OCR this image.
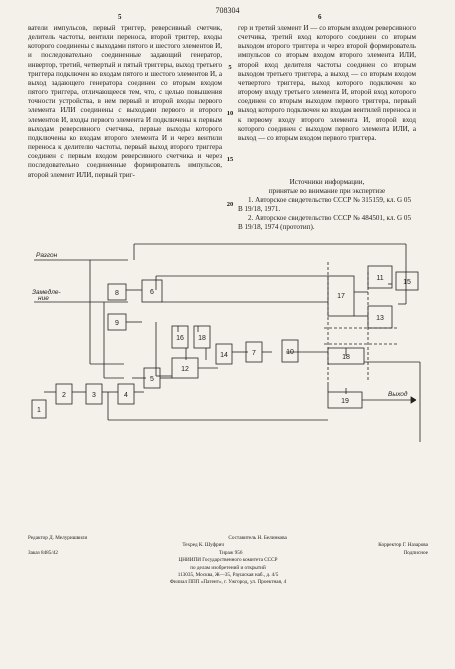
708304
5	6

ватели импульсов, первый триггер, реверсивный счетчик, делитель частоты, вентили переноса, второй триггер, входы которого соединены с выходами пятого и шестого элементов И, и последовательно соединенные задающий генератор, инвертор, третий, четвертый и пятый триггеры, выход третьего триггера подключен ко входам пятого и шестого элементов И, а выход задающего генератора соединен со вторым входом пятого триггера, отличающееся тем, что, с целью повышения точности устройства, в нем первый и второй входы первого элемента ИЛИ соединены с выходами первого и второго элементов И, входы первого элемента И подключены к первым выходам реверсивного счетчика, первые выходы которого подключены ко входам второго элемента И и через вентили переноса к делителю частоты, первый выход второго триггера соединен с первым входом реверсивного счетчика и через последовательно соединенные формирователь импульсов, второй элемент ИЛИ, первый триг-

5
10
15
20

гер и третий элемент И — со вторым входом реверсивного счетчика, третий вход которого соединен со вторым выходом второго триггера и через второй формирователь импульсов со вторым входом второго элемента ИЛИ, второй вход делителя частоты соединен со вторым выходом третьего триггера, а выход — со вторым входом четвертого триггера, выход которого подключен ко второму входу третьего элемента И, второй вход которого соединен со вторым выходом первого триггера, первый выход которого подключен ко входам вентилей переноса и к первому входу второго элемента И, второй вход которого соединен с выходом первого элемента ИЛИ, а выход — со вторым входом первого триггера.

Источники информации,

принятые во внимание при экспертизе

1. Авторское свидетельство СССР № 315159, кл. G 05 B 19/18, 1971.

2. Авторское свидетельство СССР № 484501, кл. G 05 B 19/18, 1974 (прототип).

1
2	3	4
5
6
7
8
9
10
11
12
13
14
15
16
17
18
18
19
Разгон
Замедле-
ние
Выход
Редактор Д. Мелуришвили	Составитель Н. Белинкова
Техред К. Шуфрич	Корректор Г. Назарова
Заказ 8485/42	Тираж 956	Подписное
ЦНИИПИ Государственного комитета СССР
по делам изобретений и открытий
113035, Москва, Ж—35, Раушская наб., д. 4/5
Филиал ППП «Патент», г. Ужгород, ул. Проектная, 4
